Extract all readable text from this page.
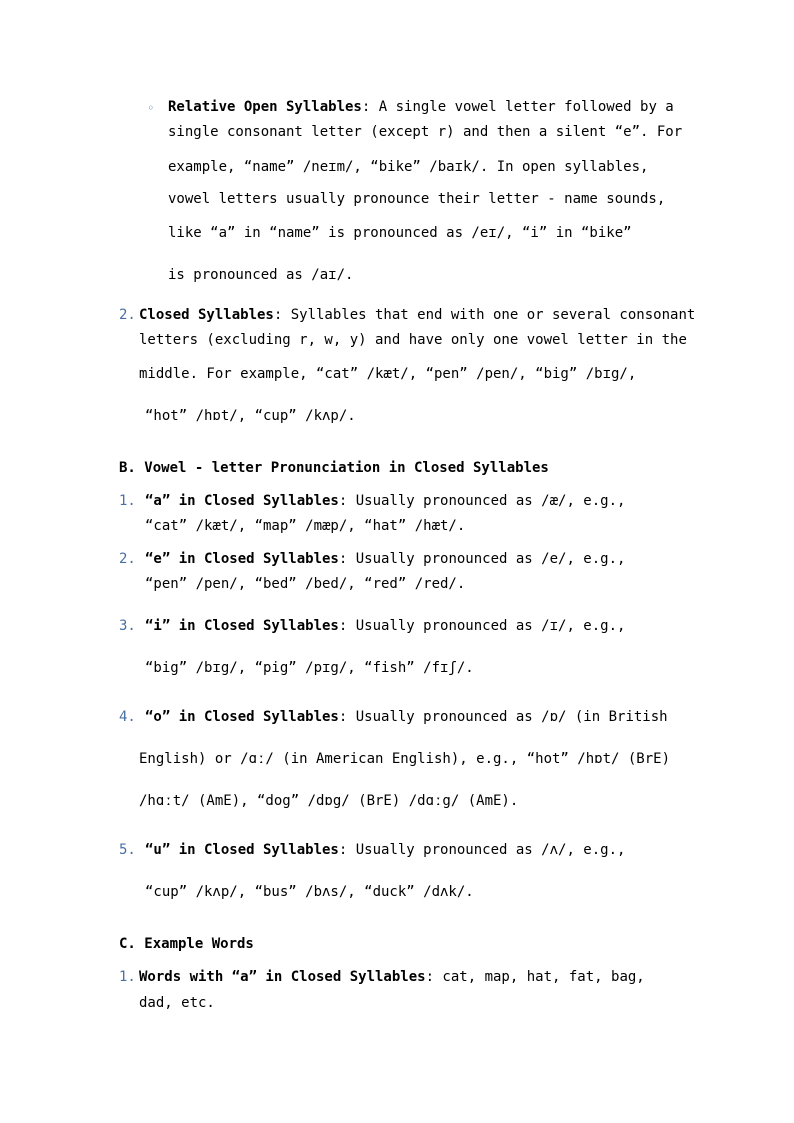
◦ Relative Open Syllables: A single vowel letter followed by a
single consonant letter (except r) and then a silent “e”. For
example, “name” /neɪm/, “bike” /baɪk/. In open syllables,
vowel letters usually pronounce their letter - name sounds,
like “a” in “name” is pronounced as /eɪ/, “i” in “bike”
is pronounced as /aɪ/.
2. Closed Syllables: Syllables that end with one or several consonant
letters (excluding r, w, y) and have only one vowel letter in the
middle. For example, “cat” /kæt/, “pen” /pen/, “big” /bɪg/,
“hot” /hɒt/, “cup” /kʌp/.
B. Vowel - letter Pronunciation in Closed Syllables
1. “a” in Closed Syllables: Usually pronounced as /æ/, e.g.,
“cat” /kæt/, “map” /mæp/, “hat” /hæt/.
2. “e” in Closed Syllables: Usually pronounced as /e/, e.g.,
“pen” /pen/, “bed” /bed/, “red” /red/.
3. “i” in Closed Syllables: Usually pronounced as /ɪ/, e.g.,
“big” /bɪg/, “pig” /pɪg/, “fish” /fɪʃ/.
4. “o” in Closed Syllables: Usually pronounced as /ɒ/ (in British
English) or /ɑː/ (in American English), e.g., “hot” /hɒt/ (BrE)
/hɑːt/ (AmE), “dog” /dɒg/ (BrE) /dɑːg/ (AmE).
5. “u” in Closed Syllables: Usually pronounced as /ʌ/, e.g.,
“cup” /kʌp/, “bus” /bʌs/, “duck” /dʌk/.
C. Example Words
1. Words with “a” in Closed Syllables: cat, map, hat, fat, bag,
dad, etc.
